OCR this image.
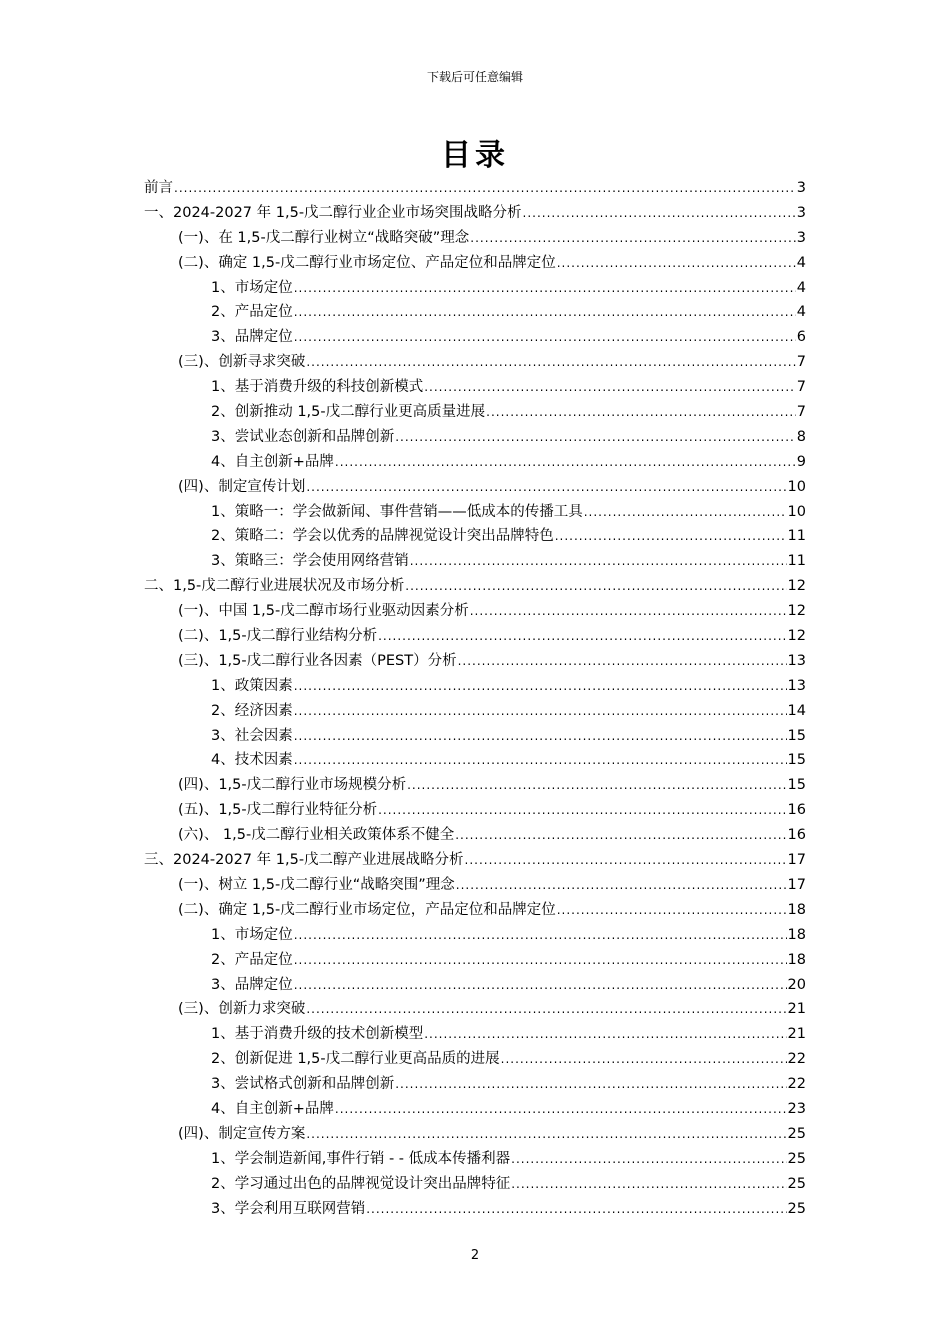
下载后可任意编辑
目录
前言 .....	3
一、2024-2027 年 1,5-戊二醇行业企业市场突围战略分析 .....	3
(一)、在 1,5-戊二醇行业树立“战略突破”理念 .....	3
(二)、确定 1,5-戊二醇行业市场定位、产品定位和品牌定位 .....	4
1、市场定位 .....	4
2、产品定位 .....	4
3、品牌定位 .....	6
(三)、创新寻求突破 .....	7
1、基于消费升级的科技创新模式 .....	7
2、创新推动 1,5-戊二醇行业更高质量进展 .....	7
3、尝试业态创新和品牌创新 .....	8
4、自主创新+品牌 .....	9
(四)、制定宣传计划 .....	10
1、策略一：学会做新闻、事件营销——低成本的传播工具 .....	10
2、策略二：学会以优秀的品牌视觉设计突出品牌特色 .....	11
3、策略三：学会使用网络营销 .....	11
二、1,5-戊二醇行业进展状况及市场分析 .....	12
(一)、中国 1,5-戊二醇市场行业驱动因素分析 .....	12
(二)、1,5-戊二醇行业结构分析 .....	12
(三)、1,5-戊二醇行业各因素（PEST）分析 .....	13
1、政策因素 .....	13
2、经济因素 .....	14
3、社会因素 .....	15
4、技术因素 .....	15
(四)、1,5-戊二醇行业市场规模分析 .....	15
(五)、1,5-戊二醇行业特征分析 .....	16
(六)、 1,5-戊二醇行业相关政策体系不健全 .....	16
三、2024-2027 年 1,5-戊二醇产业进展战略分析 .....	17
(一)、树立 1,5-戊二醇行业“战略突围”理念 .....	17
(二)、确定 1,5-戊二醇行业市场定位，产品定位和品牌定位 .....	18
1、市场定位 .....	18
2、产品定位 .....	18
3、品牌定位 .....	20
(三)、创新力求突破 .....	21
1、基于消费升级的技术创新模型 .....	21
2、创新促进 1,5-戊二醇行业更高品质的进展 .....	22
3、尝试格式创新和品牌创新 .....	22
4、自主创新+品牌 .....	23
(四)、制定宣传方案 .....	25
1、学会制造新闻,事件行销 - - 低成本传播利器 .....	25
2、学习通过出色的品牌视觉设计突出品牌特征 .....	25
3、学会利用互联网营销 .....	25
2
